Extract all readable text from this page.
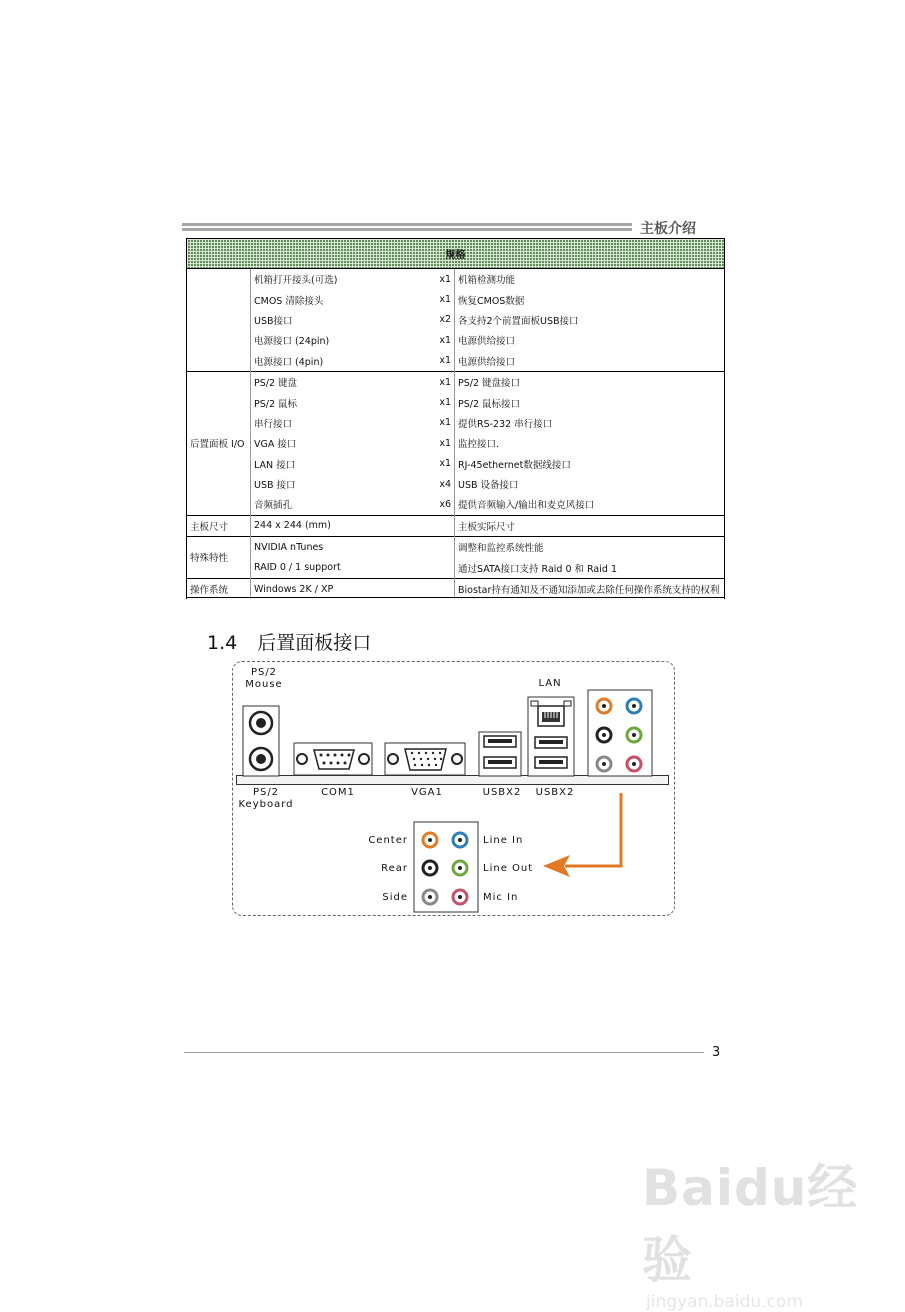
主板介绍
规格			
	机箱打开接头(可选)	x1	机箱检测功能
	CMOS 清除接头	x1	恢复CMOS数据
	USB接口	x2	各支持2个前置面板USB接口
	电源接口 (24pin)	x1	电源供给接口
	电源接口 (4pin)	x1	电源供给接口
后置面板 I/O	PS/2 键盘	x1	PS/2 键盘接口
	PS/2 鼠标	x1	PS/2 鼠标接口
	串行接口	x1	提供RS-232 串行接口
	VGA 接口	x1	监控接口.
	LAN 接口	x1	RJ-45ethernet数据线接口
	USB 接口	x4	USB 设备接口
	音频插孔	x6	提供音频输入/输出和麦克风接口
主板尺寸	244 x 244 (mm)		主板实际尺寸
特殊特性	NVIDIA nTunes		调整和监控系统性能
	RAID 0 / 1 support		通过SATA接口支持 Raid 0 和 Raid 1
操作系统	Windows 2K / XP		Biostar持有通知及不通知添加或去除任何操作系统支持的权利
1.4 后置面板接口
PS/2
Mouse	LAN
PS/2
Keyboard
COM1	VGA1	USBX2	USBX2
Center
Rear
Side
Line In
Line Out
Mic In
3
Baidu经验
jingyan.baidu.com
